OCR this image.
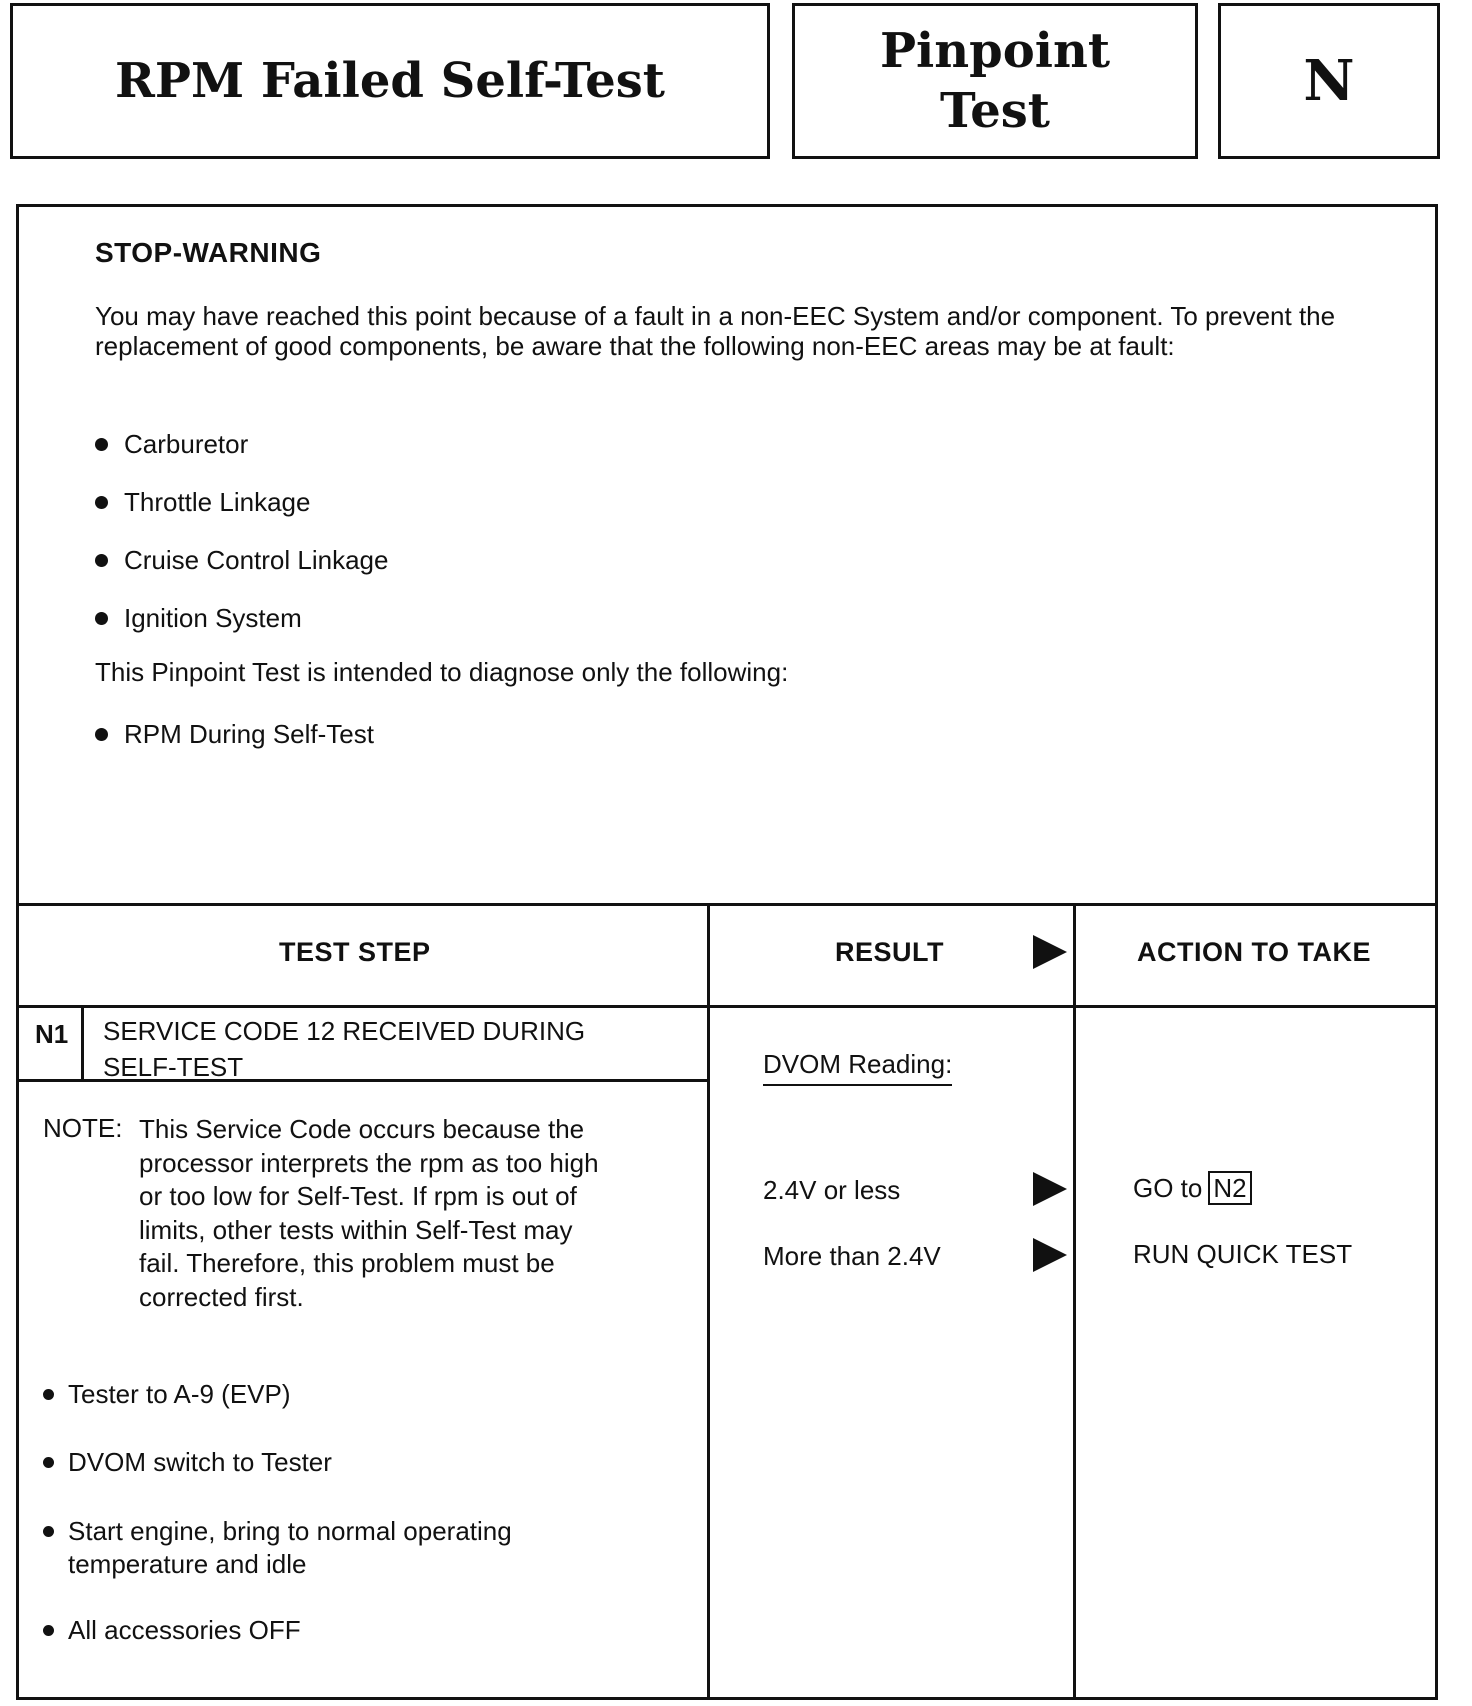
RPM Failed Self-Test
Pinpoint
Test	N
STOP-WARNING
You may have reached this point because of a fault in a non-EEC System and/or component. To prevent the replacement of good components, be aware that the following non-EEC areas may be at fault:
Carburetor
Throttle Linkage
Cruise Control Linkage
Ignition System
This Pinpoint Test is intended to diagnose only the following:
RPM During Self-Test
TEST STEP	RESULT	ACTION TO TAKE
N1 SERVICE CODE 12 RECEIVED DURING
SELF-TEST
NOTE: This Service Code occurs because the processor interprets the rpm as too high or too low for Self-Test. If rpm is out of limits, other tests within Self-Test may fail. Therefore, this problem must be corrected first.
Tester to A-9 (EVP)
DVOM switch to Tester
Start engine, bring to normal operating temperature and idle
All accessories OFF
DVOM Reading:
2.4V or less	GO to N2
More than 2.4V	RUN QUICK TEST
